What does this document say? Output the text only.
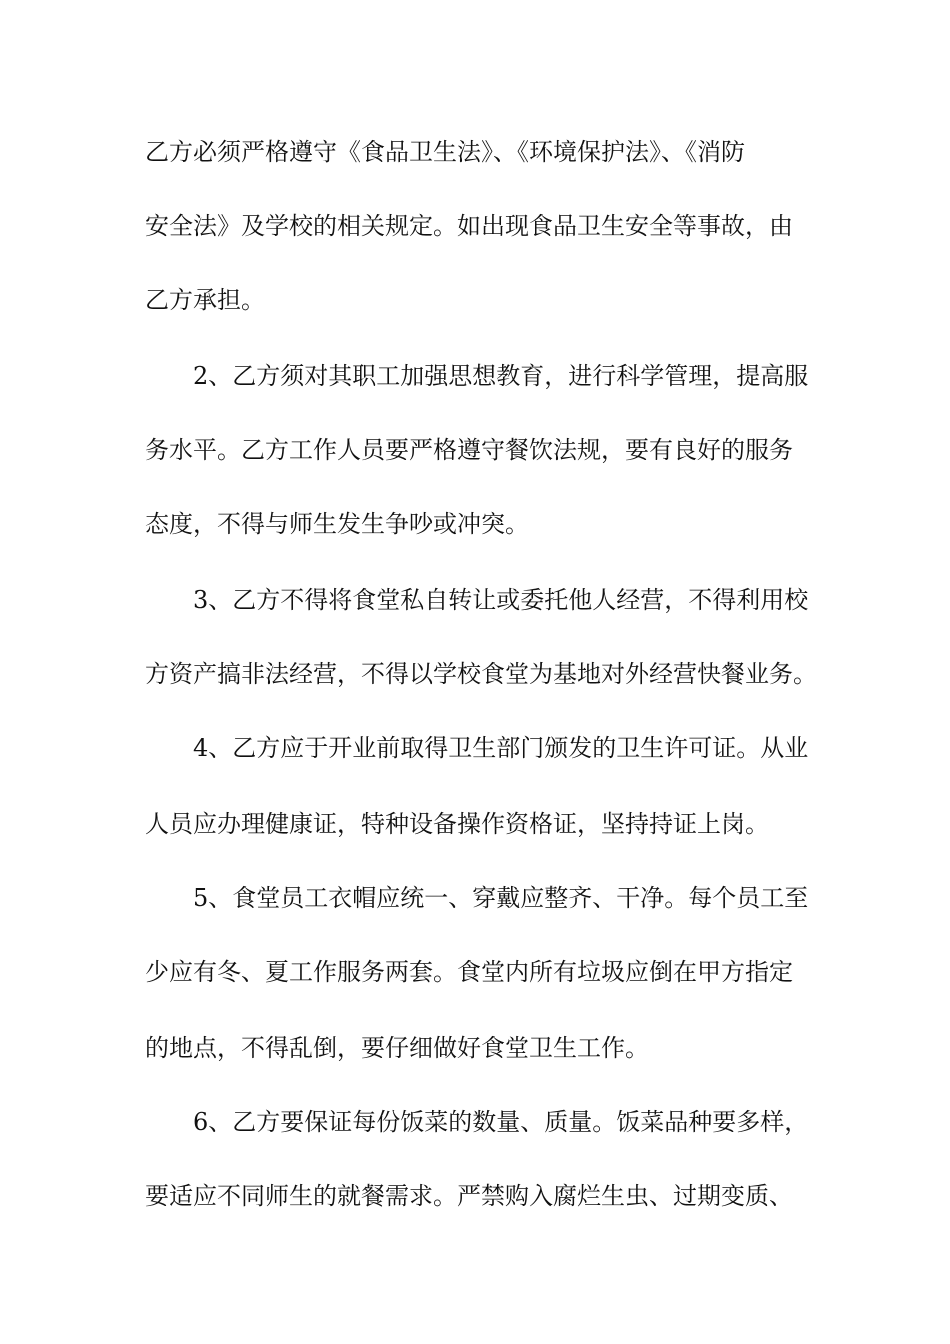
乙方必须严格遵守《食品卫生法》、《环境保护法》、《消防
安全法》及学校的相关规定。如出现食品卫生安全等事故，由
乙方承担。
2、乙方须对其职工加强思想教育，进行科学管理，提高服
务水平。乙方工作人员要严格遵守餐饮法规，要有良好的服务
态度，不得与师生发生争吵或冲突。
3、乙方不得将食堂私自转让或委托他人经营，不得利用校
方资产搞非法经营，不得以学校食堂为基地对外经营快餐业务。
4、乙方应于开业前取得卫生部门颁发的卫生许可证。从业
人员应办理健康证，特种设备操作资格证，坚持持证上岗。
5、食堂员工衣帽应统一、穿戴应整齐、干净。每个员工至
少应有冬、夏工作服务两套。食堂内所有垃圾应倒在甲方指定
的地点，不得乱倒，要仔细做好食堂卫生工作。
6、乙方要保证每份饭菜的数量、质量。饭菜品种要多样，
要适应不同师生的就餐需求。严禁购入腐烂生虫、过期变质、
